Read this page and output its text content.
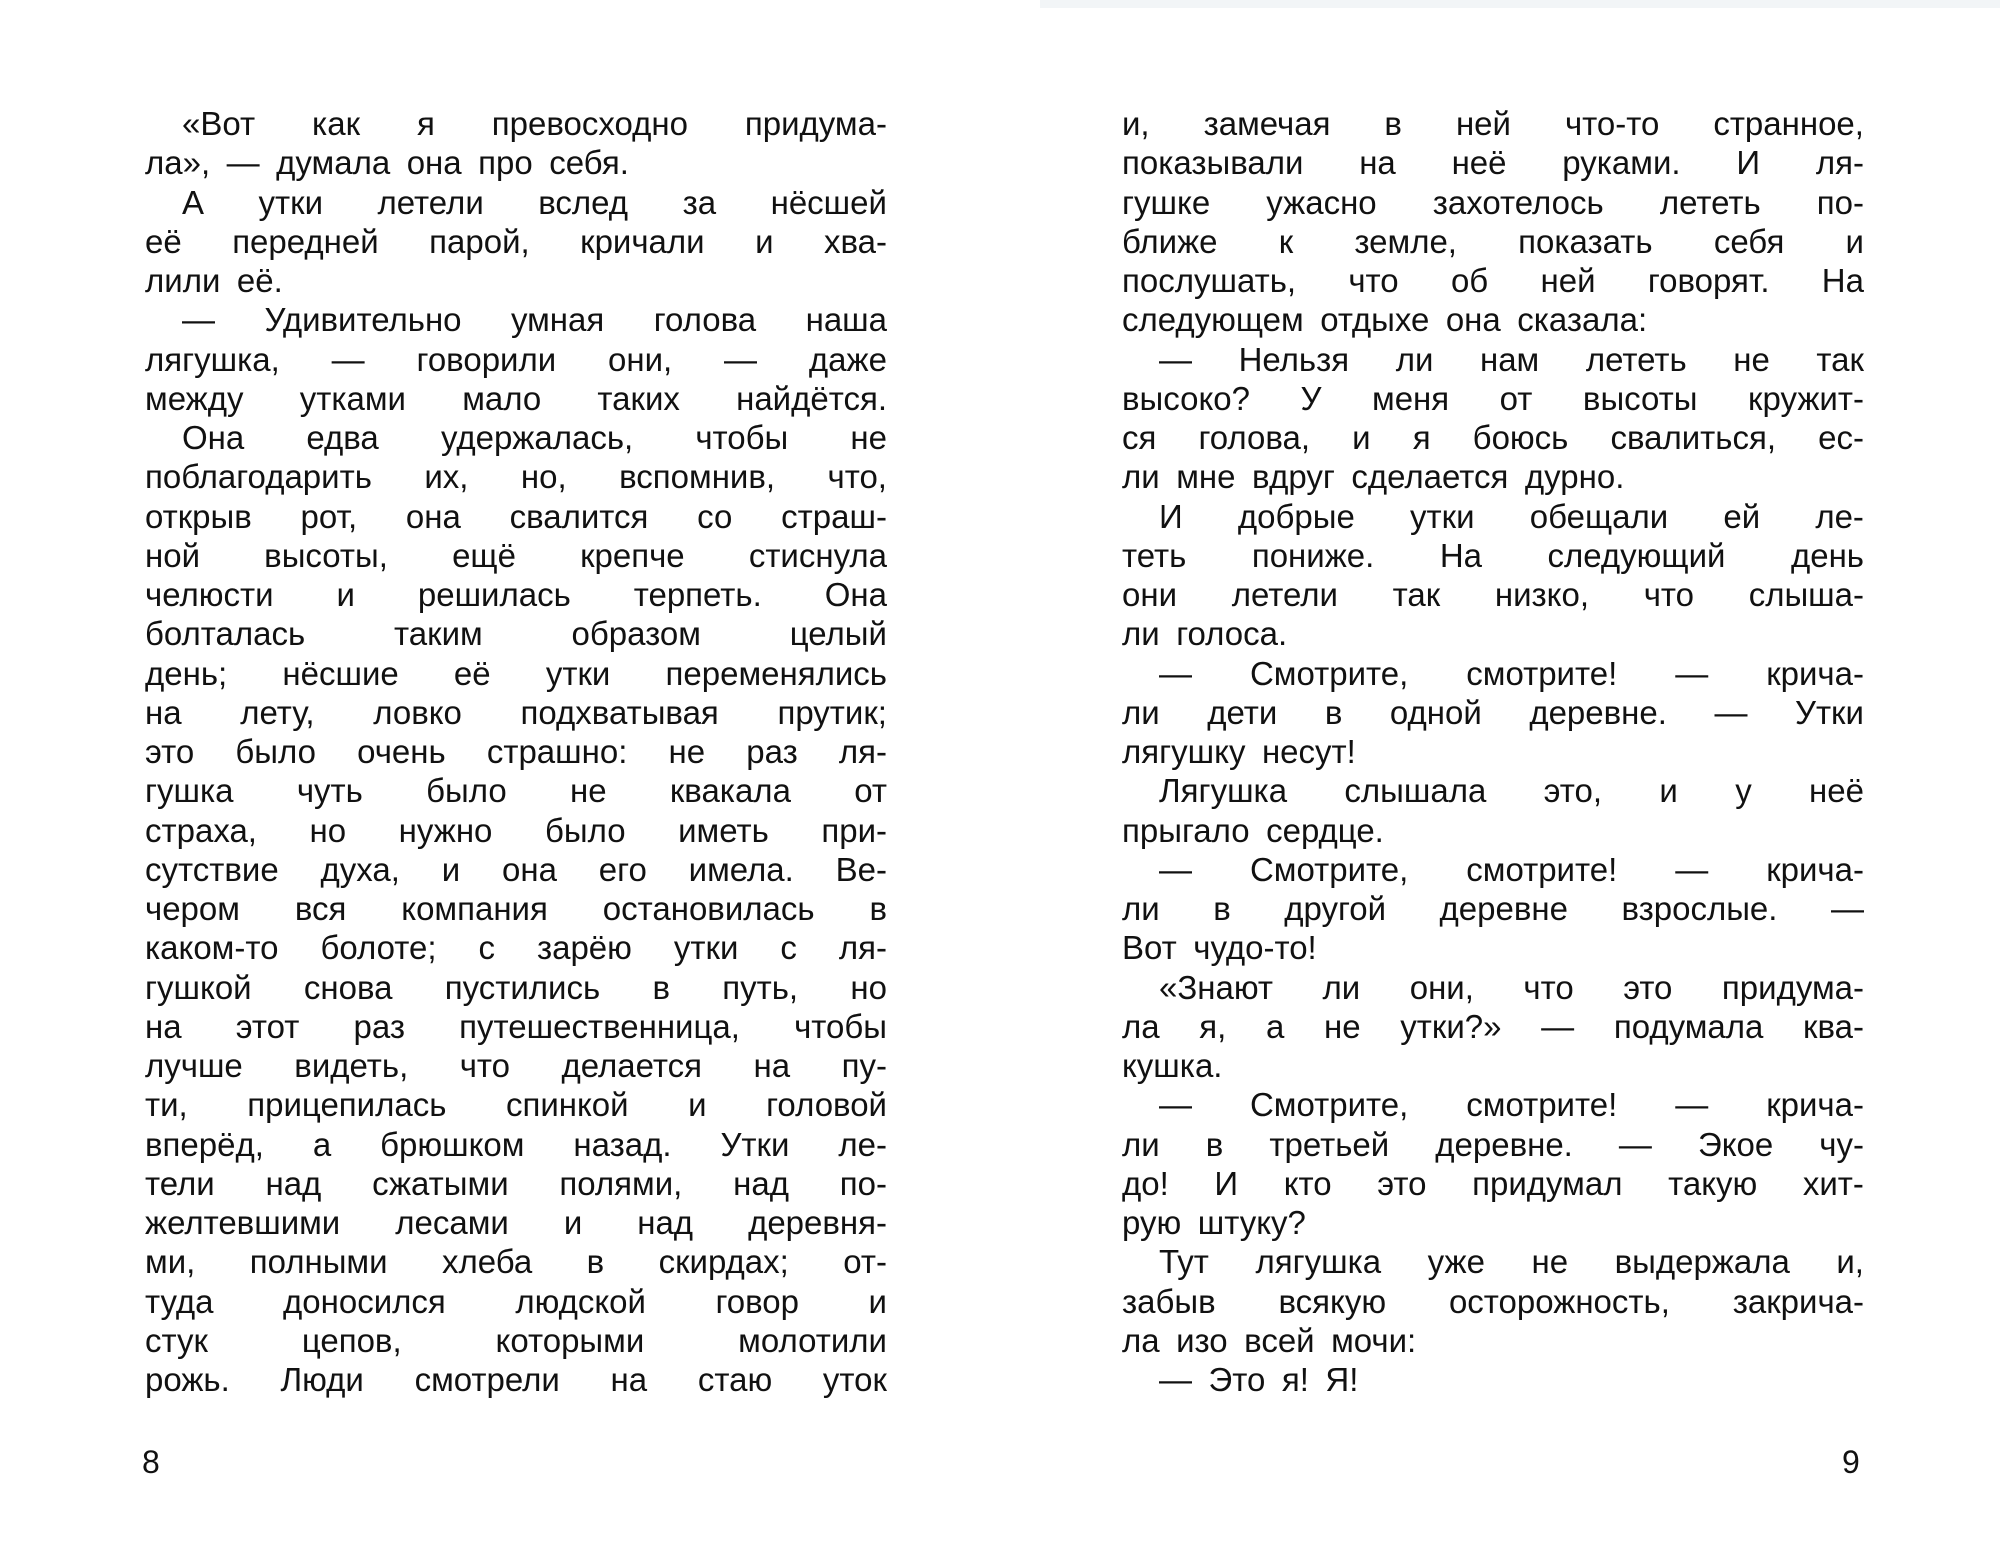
«Вот как я превосходно придума-
ла», — думала она про себя.
А утки летели вслед за нёсшей
её передней парой, кричали и хва-
лили её.
— Удивительно умная голова наша
лягушка, — говорили они, — даже
между утками мало таких найдётся.
Она едва удержалась, чтобы не
поблагодарить их, но, вспомнив, что,
открыв рот, она свалится со страш-
ной высоты, ещё крепче стиснула
челюсти и решилась терпеть. Она
болталась	таким	образом	целый
день; нёсшие её утки переменялись
на лету, ловко подхватывая прутик;
это было очень страшно: не раз ля-
гушка чуть было не квакала от
страха, но нужно было иметь при-
сутствие духа, и она его имела. Ве-
чером вся компания остановилась в
каком-то болоте; с зарёю утки с ля-
гушкой снова пустились в путь, но
на этот раз путешественница, чтобы
лучше видеть, что делается на пу-
ти, прицепилась спинкой и головой
вперёд, а брюшком назад. Утки ле-
тели над сжатыми полями, над по-
желтевшими лесами и над деревня-
ми, полными хлеба в скирдах; от-
туда доносился людской говор и
стук	цепов,	которыми	молотили
рожь. Люди смотрели на стаю уток
и, замечая в ней что-то странное,
показывали на неё руками. И ля-
гушке ужасно захотелось лететь по-
ближе к земле, показать себя и
послушать, что об ней говорят. На
следующем отдыхе она сказала:
— Нельзя ли нам лететь не так
высоко? У меня от высоты кружит-
ся голова, и я боюсь свалиться, ес-
ли мне вдруг сделается дурно.
И добрые утки обещали ей ле-
теть пониже. На следующий день
они летели так низко, что слыша-
ли голоса.
— Смотрите, смотрите! — крича-
ли дети в одной деревне. — Утки
лягушку несут!
Лягушка слышала это, и у неё
прыгало сердце.
— Смотрите, смотрите! — крича-
ли в другой деревне взрослые. —
Вот чудо-то!
«Знают ли они, что это придума-
ла я, а не утки?» — подумала ква-
кушка.
— Смотрите, смотрите! — крича-
ли в третьей деревне. — Экое чу-
до! И кто это придумал такую хит-
рую штуку?
Тут лягушка уже не выдержала и,
забыв всякую осторожность, закрича-
ла изо всей мочи:
— Это я! Я!
8	9
